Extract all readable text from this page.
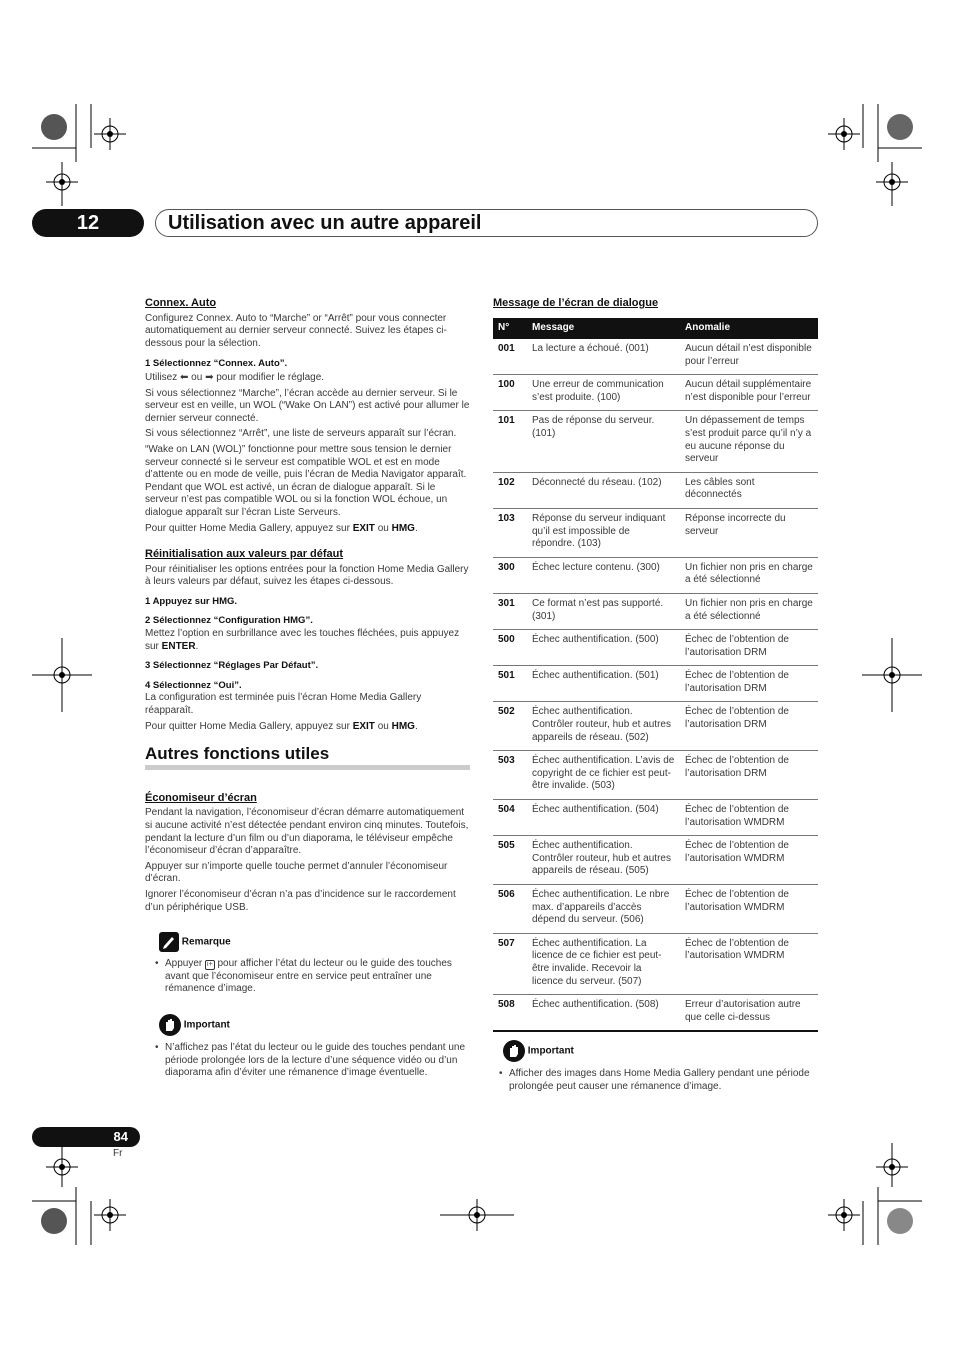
12	Utilisation avec un autre appareil

Connex. Auto

Configurez Connex. Auto to “Marche” or “Arrêt” pour vous connecter automatiquement au dernier serveur connecté. Suivez les étapes ci-dessous pour la sélection.

1 Sélectionnez “Connex. Auto”.

Utilisez ⬅ ou ➡ pour modifier le réglage.

Si vous sélectionnez “Marche”, l’écran accède au dernier serveur. Si le serveur est en veille, un WOL (“Wake On LAN”) est activé pour allumer le dernier serveur connecté.

Si vous sélectionnez “Arrêt”, une liste de serveurs apparaît sur l’écran.

“Wake on LAN (WOL)” fonctionne pour mettre sous tension le dernier serveur connecté si le serveur est compatible WOL et est en mode d’attente ou en mode de veille, puis l’écran de Media Navigator apparaît. Pendant que WOL est activé, un écran de dialogue apparaît. Si le serveur n’est pas compatible WOL ou si la fonction WOL échoue, un dialogue apparaît sur l’écran Liste Serveurs.

Pour quitter Home Media Gallery, appuyez sur EXIT ou HMG.

Réinitialisation aux valeurs par défaut

Pour réinitialiser les options entrées pour la fonction Home Media Gallery à leurs valeurs par défaut, suivez les étapes ci-dessous.

1 Appuyez sur HMG.

2 Sélectionnez “Configuration HMG”.

Mettez l’option en surbrillance avec les touches fléchées, puis appuyez sur ENTER.

3 Sélectionnez “Réglages Par Défaut”.

4 Sélectionnez “Oui”.

La configuration est terminée puis l’écran Home Media Gallery réapparaît.

Pour quitter Home Media Gallery, appuyez sur EXIT ou HMG.

Autres fonctions utiles

Économiseur d’écran

Pendant la navigation, l’économiseur d’écran démarre automatiquement si aucune activité n’est détectée pendant environ cinq minutes. Toutefois, pendant la lecture d’un film ou d’un diaporama, le téléviseur empêche l’économiseur d’écran d’apparaître.

Appuyer sur n’importe quelle touche permet d’annuler l’économiseur d’écran.

Ignorer l’économiseur d’écran n’a pas d’incidence sur le raccordement d’un périphérique USB.

Remarque
• Appuyer i+ pour afficher l’état du lecteur ou le guide des touches avant que l’économiseur entre en service peut entraîner une rémanence d’image.
Important
• N’affichez pas l’état du lecteur ou le guide des touches pendant une période prolongée lors de la lecture d’une séquence vidéo ou d’un diaporama afin d’éviter une rémanence d’image éventuelle.

Message de l’écran de dialogue

N°	Message	Anomalie
001	La lecture a échoué. (001)	Aucun détail n’est disponible pour l’erreur
100	Une erreur de communication s’est produite. (100)	Aucun détail supplémentaire n’est disponible pour l’erreur
101	Pas de réponse du serveur. (101)	Un dépassement de temps s’est produit parce qu’il n’y a eu aucune réponse du serveur
102	Déconnecté du réseau. (102)	Les câbles sont déconnectés
103	Réponse du serveur indiquant qu’il est impossible de répondre. (103)	Réponse incorrecte du serveur
300	Échec lecture contenu. (300)	Un fichier non pris en charge a été sélectionné
301	Ce format n’est pas supporté. (301)	Un fichier non pris en charge a été sélectionné
500	Échec authentification. (500)	Échec de l’obtention de l’autorisation DRM
501	Échec authentification. (501)	Échec de l’obtention de l’autorisation DRM
502	Échec authentification. Contrôler routeur, hub et autres appareils de réseau. (502)	Échec de l’obtention de l’autorisation DRM
503	Échec authentification. L’avis de copyright de ce fichier est peut-être invalide. (503)	Échec de l’obtention de l’autorisation DRM
504	Échec authentification. (504)	Échec de l’obtention de l’autorisation WMDRM
505	Échec authentification. Contrôler routeur, hub et autres appareils de réseau. (505)	Échec de l’obtention de l’autorisation WMDRM
506	Échec authentification. Le nbre max. d’appareils d’accès dépend du serveur. (506)	Échec de l’obtention de l’autorisation WMDRM
507	Échec authentification. La licence de ce fichier est peut-être invalide. Recevoir la licence du serveur. (507)	Échec de l’obtention de l’autorisation WMDRM
508	Échec authentification. (508)	Erreur d’autorisation autre que celle ci-dessus
Important
• Afficher des images dans Home Media Gallery pendant une période prolongée peut causer une rémanence d’image.
84
Fr
